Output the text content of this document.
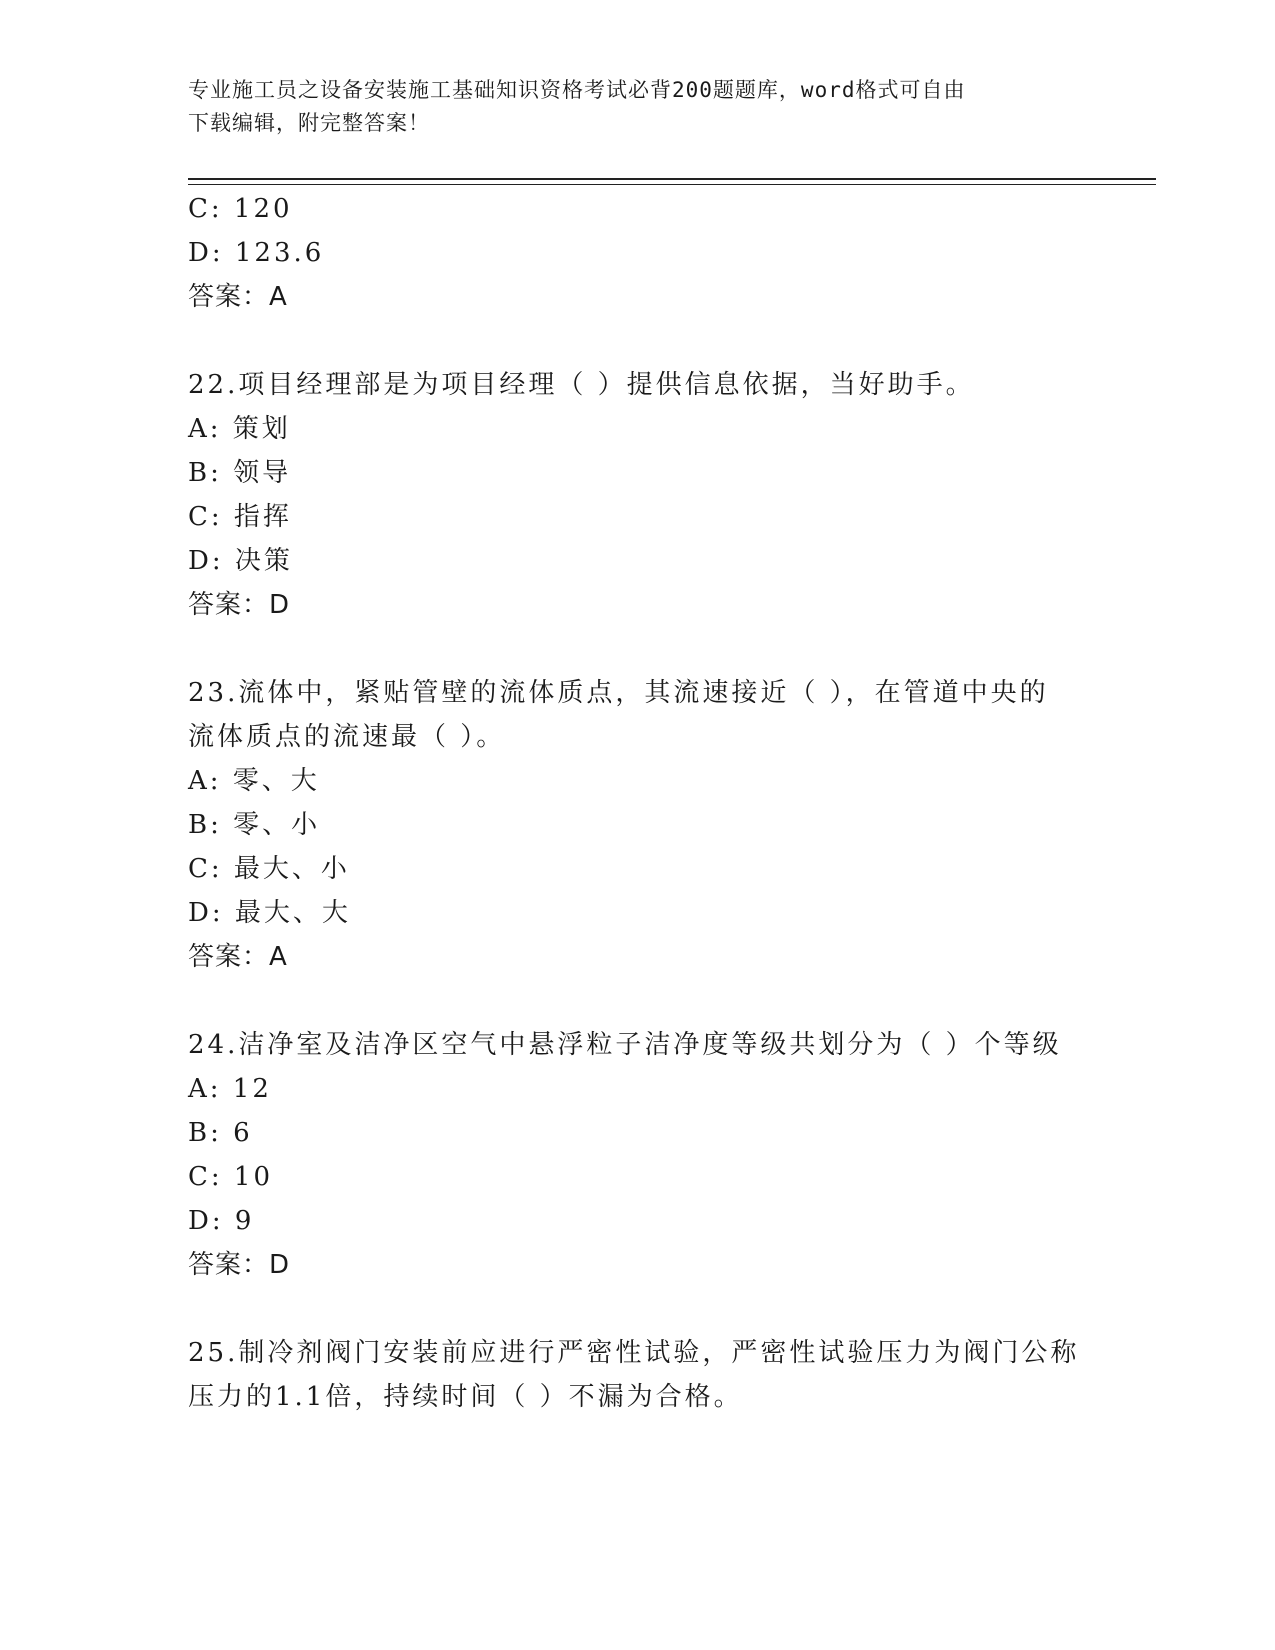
专业施工员之设备安装施工基础知识资格考试必背200题题库，word格式可自由
下载编辑，附完整答案！
C: 120
D: 123.6
答案：A
22.项目经理部是为项目经理（ ）提供信息依据，当好助手。
A: 策划
B: 领导
C: 指挥
D: 决策
答案：D
23.流体中，紧贴管壁的流体质点，其流速接近（ ），在管道中央的
流体质点的流速最（ ）。
A: 零、大
B: 零、小
C: 最大、小
D: 最大、大
答案：A
24.洁净室及洁净区空气中悬浮粒子洁净度等级共划分为（ ）个等级
A: 12
B: 6
C: 10
D: 9
答案：D
25.制冷剂阀门安装前应进行严密性试验，严密性试验压力为阀门公称
压力的1.1倍，持续时间（ ）不漏为合格。
